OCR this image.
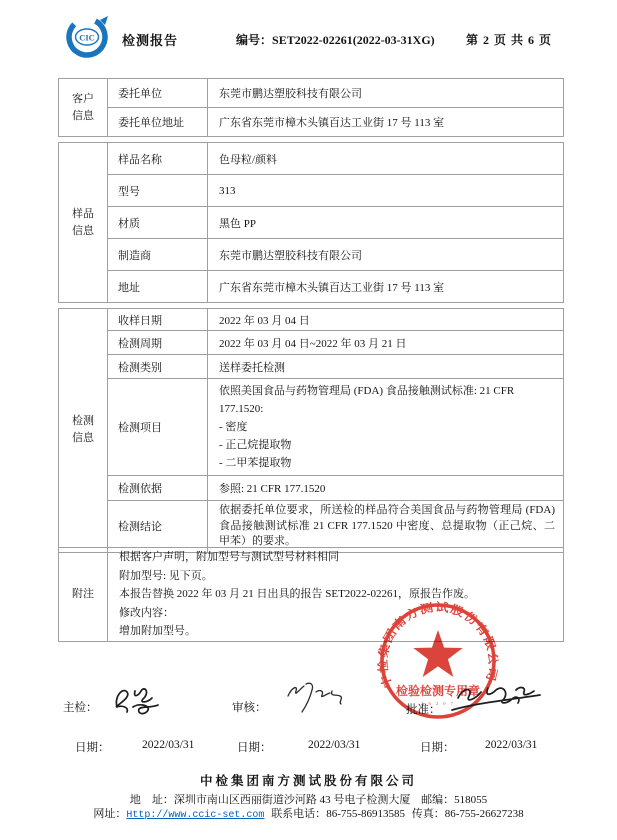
CIC 检测报告	编号：SET2022-02261(2022-03-31XG)	第 2 页 共 6 页
客户
信息	委托单位	东莞市鹏达塑胶科技有限公司
	委托单位地址	广东省东莞市樟木头镇百达工业街 17 号 113 室
样品
信息	样品名称	色母粒/颜料
	型号	313
	材质	黑色 PP
	制造商	东莞市鹏达塑胶科技有限公司
	地址	广东省东莞市樟木头镇百达工业街 17 号 113 室
检测
信息	收样日期	2022 年 03 月 04 日
	检测周期	2022 年 03 月 04 日~2022 年 03 月 21 日
	检测类别	送样委托检测
	检测项目	依照美国食品与药物管理局 (FDA) 食品接触测试标准: 21 CFR 177.1520:
- 密度
- 正己烷提取物
- 二甲苯提取物

	检测依据	参照: 21 CFR 177.1520
	检测结论	依据委托单位要求，所送检的样品符合美国食品与药物管理局 (FDA) 食品接触测试标准 21 CFR 177.1520 中密度、总提取物（正己烷、二甲苯）的要求。
附注	
根据客户声明，附加型号与测试型号材料相同
附加型号: 见下页。
本报告替换 2022 年 03 月 21 日出具的报告 SET2022-02261，原报告作废。
修改内容：
增加附加型号。
中检集团南方测试股份有限公司
检验检测专用章
2 6 2 0 7
主检：	审核：	批准：
日期：	2022/03/31	日期：	2022/03/31	日期：	2022/03/31
中检集团南方测试股份有限公司
地　址：深圳市南山区西丽街道沙河路 43 号电子检测大厦 邮编：518055
网址：Http://www.ccic-set.com 联系电话：86-755-86913585 传真：86-755-26627238
